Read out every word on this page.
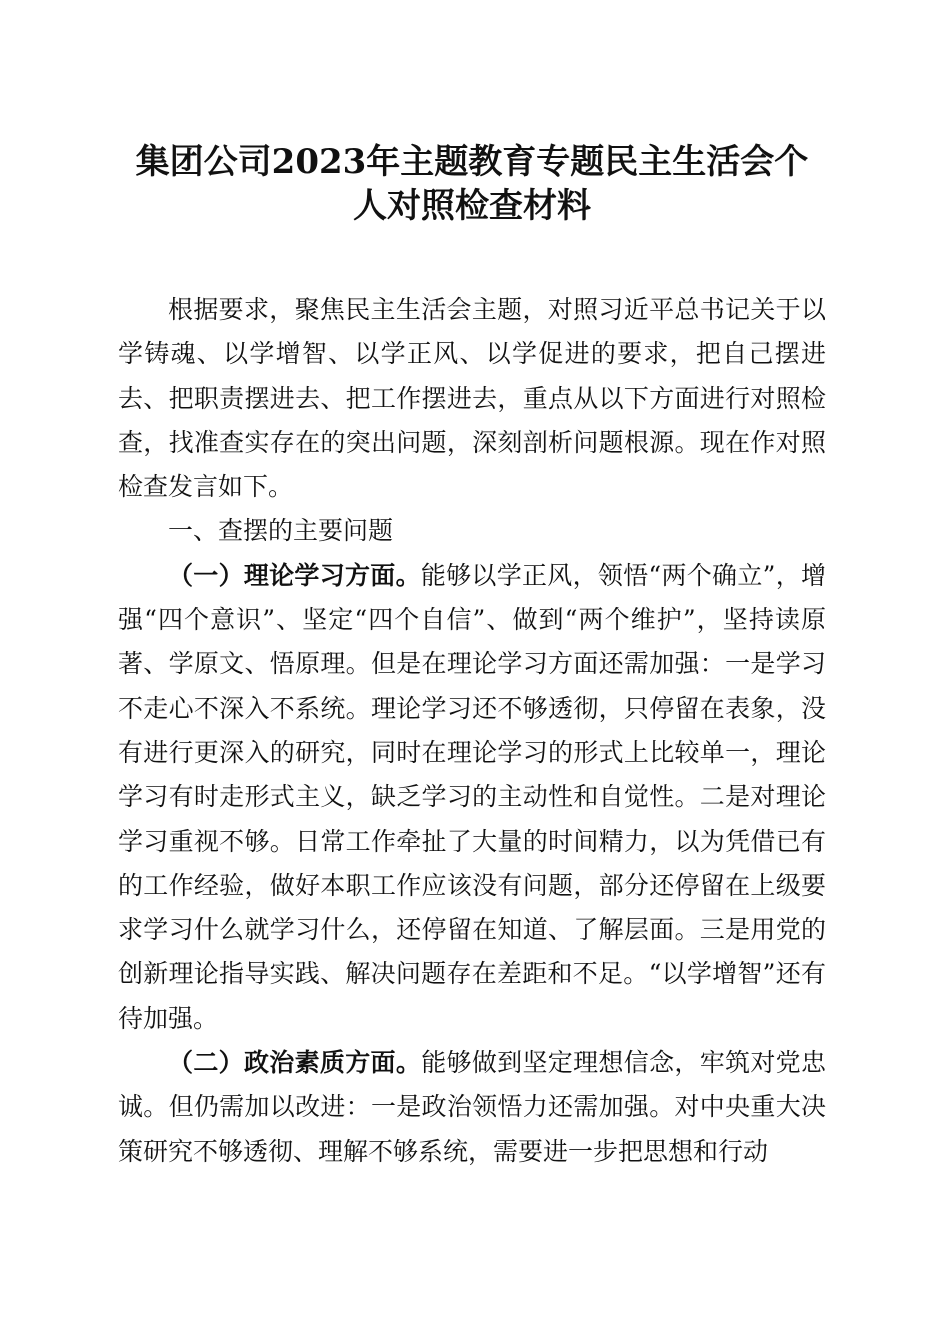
集团公司2023年主题教育专题民主生活会个
人对照检查材料

根据要求，聚焦民主生活会主题，对照习近平总书记关于以学铸魂、以学增智、以学正风、以学促进的要求，把自己摆进去、把职责摆进去、把工作摆进去，重点从以下方面进行对照检查，找准查实存在的突出问题，深刻剖析问题根源。现在作对照检查发言如下。

一、查摆的主要问题

（一）理论学习方面。能够以学正风，领悟“两个确立”，增强“四个意识”、坚定“四个自信”、做到“两个维护”，坚持读原著、学原文、悟原理。但是在理论学习方面还需加强：一是学习不走心不深入不系统。理论学习还不够透彻，只停留在表象，没有进行更深入的研究，同时在理论学习的形式上比较单一，理论学习有时走形式主义，缺乏学习的主动性和自觉性。二是对理论学习重视不够。日常工作牵扯了大量的时间精力，以为凭借已有的工作经验，做好本职工作应该没有问题，部分还停留在上级要求学习什么就学习什么，还停留在知道、了解层面。三是用党的创新理论指导实践、解决问题存在差距和不足。“以学增智”还有待加强。

（二）政治素质方面。能够做到坚定理想信念，牢筑对党忠诚。但仍需加以改进：一是政治领悟力还需加强。对中央重大决策研究不够透彻、理解不够系统，需要进一步把思想和行动
